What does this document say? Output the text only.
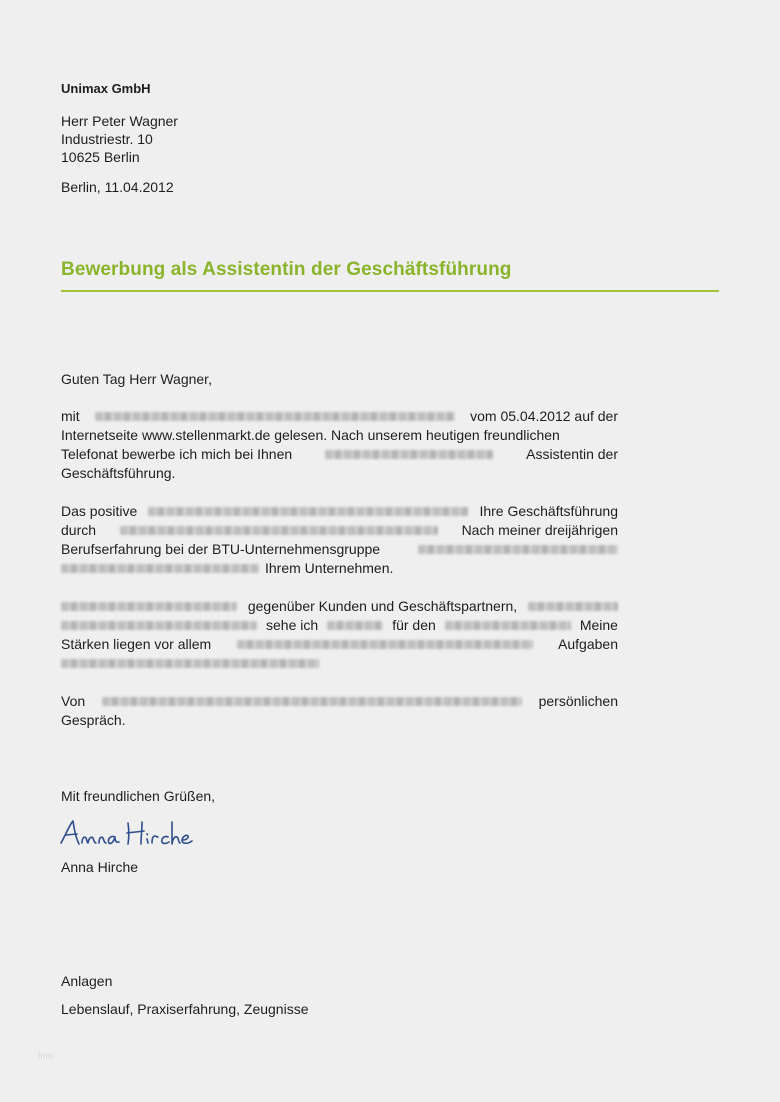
Unimax GmbH
Herr Peter Wagner
Industriestr. 10
10625 Berlin
Berlin, 11.04.2012
Bewerbung als Assistentin der Geschäftsführung
Guten Tag Herr Wagner,
mit	vom 05.04.2012 auf der
Internetseite www.stellenmarkt.de gelesen. Nach unserem heutigen freundlichen
Telefonat bewerbe ich mich bei Ihnen	Assistentin der
Geschäftsführung.
Das positive	Ihre Geschäftsführung
durch	Nach meiner dreijährigen
Berufserfahrung bei der BTU-Unternehmensgruppe
Ihrem Unternehmen.
gegenüber Kunden und Geschäftspartnern,
sehe ich	für den	Meine
Stärken liegen vor allem	Aufgaben
Von	persönlichen
Gespräch.
Mit freundlichen Grüßen,
Anna Hirche
Anlagen
Lebenslauf, Praxiserfahrung, Zeugnisse
firm
